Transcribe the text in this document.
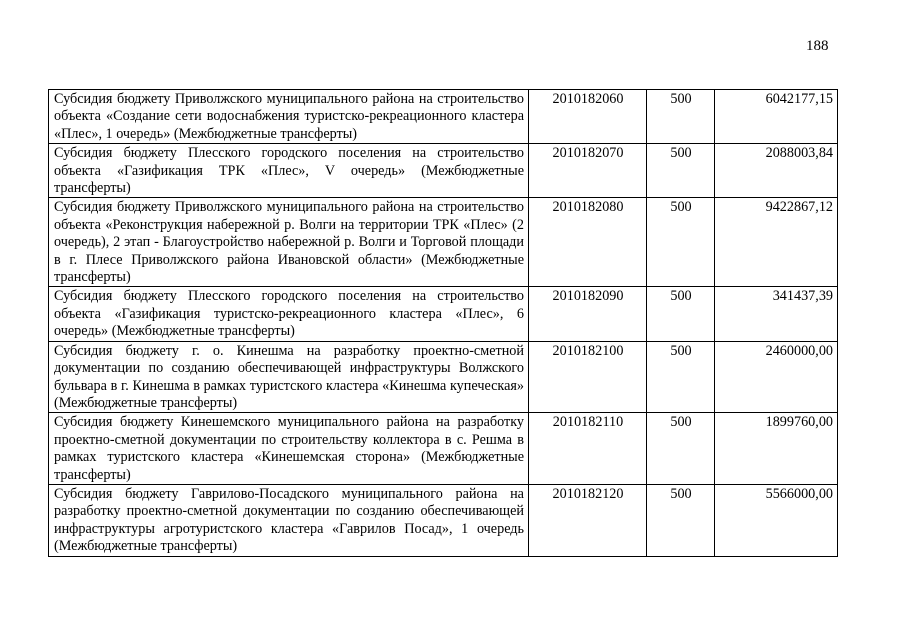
188
Субсидия бюджету Приволжского муниципального района на строительство объекта «Создание сети водоснабжения туристско-рекреационного кластера «Плес», 1 очередь» (Межбюджетные трансферты)	2010182060	500	6042177,15
Субсидия бюджету Плесского городского поселения на строительство объекта «Газификация ТРК «Плес», V очередь» (Межбюджетные трансферты)	2010182070	500	2088003,84
Субсидия бюджету Приволжского муниципального района на строительство объекта «Реконструкция набережной р. Волги на территории ТРК «Плес» (2 очередь), 2 этап - Благоустройство набережной р. Волги и Торговой площади в г. Плесе Приволжского района Ивановской области» (Межбюджетные трансферты)	2010182080	500	9422867,12
Субсидия бюджету Плесского городского поселения на строительство объекта «Газификация туристско-рекреационного кластера «Плес», 6 очередь» (Межбюджетные трансферты)	2010182090	500	341437,39
Субсидия бюджету г. о. Кинешма на разработку проектно-сметной документации по созданию обеспечивающей инфраструктуры Волжского бульвара в г. Кинешма в рамках туристского кластера «Кинешма купеческая» (Межбюджетные трансферты)	2010182100	500	2460000,00
Субсидия бюджету Кинешемского муниципального района на разработку проектно-сметной документации по строительству коллектора в с. Решма в рамках туристского кластера «Кинешемская сторона» (Межбюджетные трансферты)	2010182110	500	1899760,00
Субсидия бюджету Гаврилово-Посадского муниципального района на разработку проектно-сметной документации по созданию обеспечивающей инфраструктуры агротуристского кластера «Гаврилов Посад», 1 очередь (Межбюджетные трансферты)	2010182120	500	5566000,00
